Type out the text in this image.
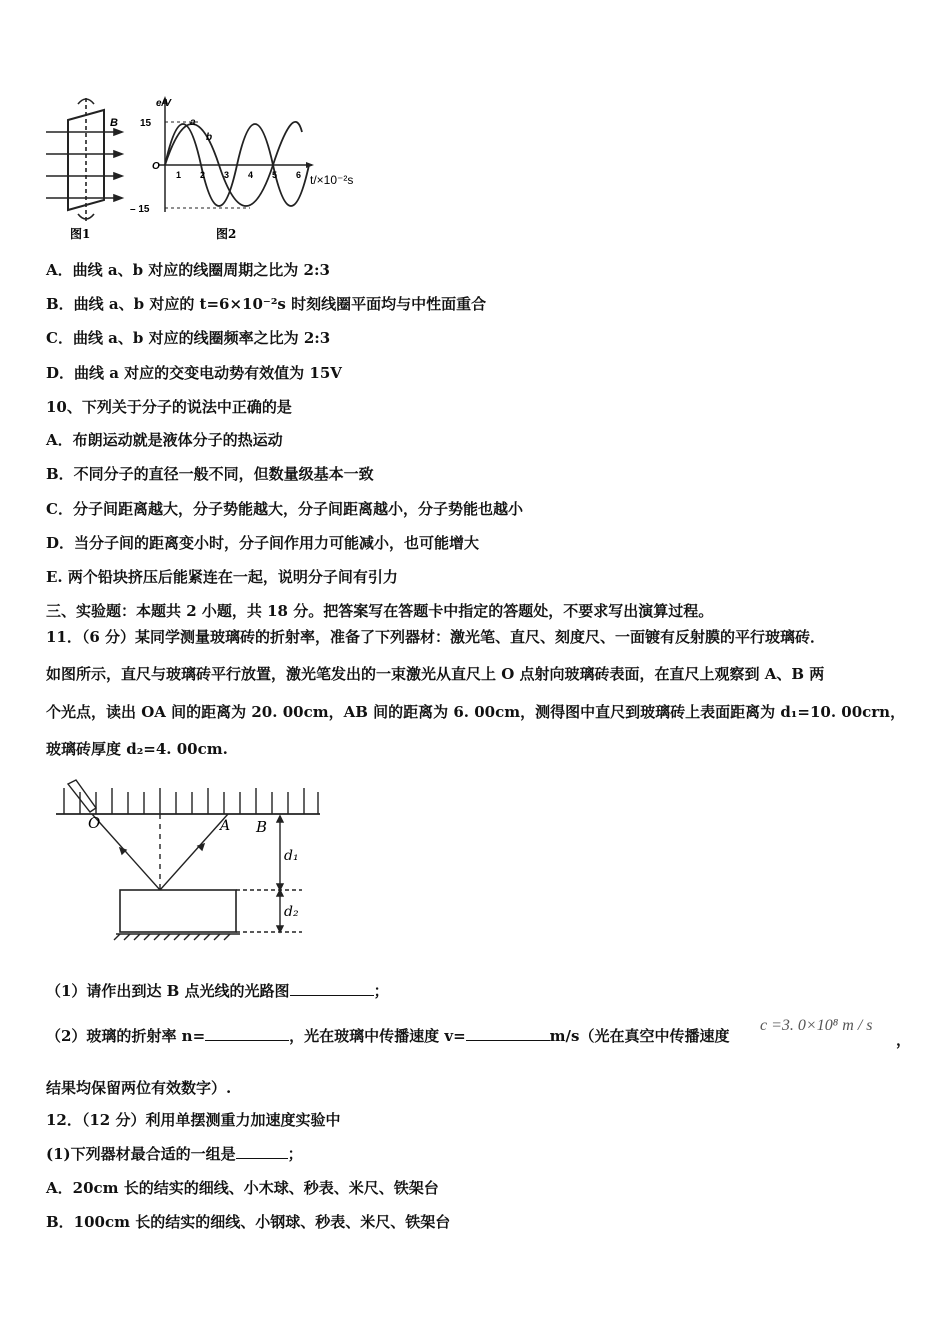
B
图1
e/V
15
– 15
O
a
b
1 2 3 4 5 6 t/×10⁻²s
图2
A．曲线 a、b 对应的线圈周期之比为 2:3
B．曲线 a、b 对应的 t=6×10⁻²s 时刻线圈平面均与中性面重合
C．曲线 a、b 对应的线圈频率之比为 2:3
D．曲线 a 对应的交变电动势有效值为 15V
10、下列关于分子的说法中正确的是
A．布朗运动就是液体分子的热运动
B．不同分子的直径一般不同，但数量级基本一致
C．分子间距离越大，分子势能越大，分子间距离越小，分子势能也越小
D．当分子间的距离变小时，分子间作用力可能减小，也可能增大
E. 两个铅块挤压后能紧连在一起，说明分子间有引力
三、实验题：本题共 2 小题，共 18 分。把答案写在答题卡中指定的答题处，不要求写出演算过程。
11．（6 分）某同学测量玻璃砖的折射率，准备了下列器材：激光笔、直尺、刻度尺、一面镀有反射膜的平行玻璃砖．
如图所示，直尺与玻璃砖平行放置，激光笔发出的一束激光从直尺上 O 点射向玻璃砖表面，在直尺上观察到 A、B 两
个光点，读出 OA 间的距离为 20. 00cm，AB 间的距离为 6. 00cm，测得图中直尺到玻璃砖上表面距离为 d₁=10. 00crn，
玻璃砖厚度 d₂=4. 00cm.
O	A B
d₁
d₂
（1）请作出到达 B 点光线的光路图	；
（2）玻璃的折射率 n=	，光在玻璃中传播速度 v=	m/s（光在真空中传播速度
c =3. 0×10⁸ m / s
，
结果均保留两位有效数字）.
12．（12 分）利用单摆测重力加速度实验中
(1)下列器材最合适的一组是	；
A．20cm 长的结实的细线、小木球、秒表、米尺、铁架台
B．100cm 长的结实的细线、小钢球、秒表、米尺、铁架台
